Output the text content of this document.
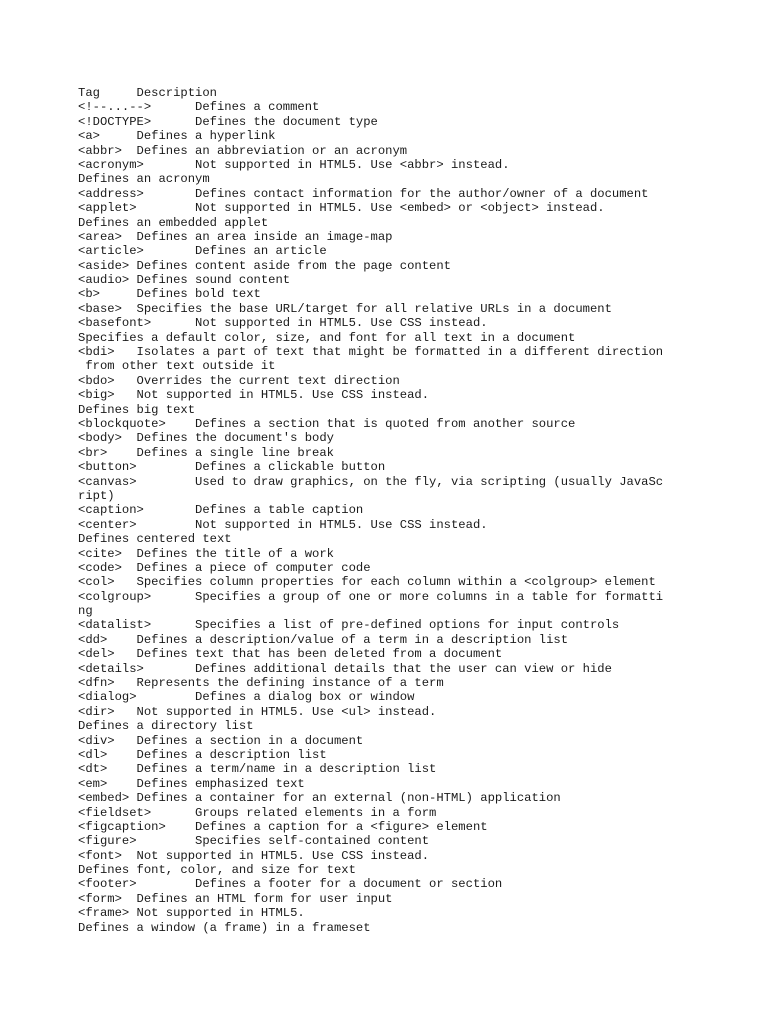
Tag     Description
<!--...-->      Defines a comment
<!DOCTYPE>      Defines the document type
<a>     Defines a hyperlink
<abbr>  Defines an abbreviation or an acronym
<acronym>       Not supported in HTML5. Use <abbr> instead.
Defines an acronym
<address>       Defines contact information for the author/owner of a document
<applet>        Not supported in HTML5. Use <embed> or <object> instead.
Defines an embedded applet
<area>  Defines an area inside an image-map
<article>       Defines an article
<aside> Defines content aside from the page content
<audio> Defines sound content
<b>     Defines bold text
<base>  Specifies the base URL/target for all relative URLs in a document
<basefont>      Not supported in HTML5. Use CSS instead.
Specifies a default color, size, and font for all text in a document
<bdi>   Isolates a part of text that might be formatted in a different direction
from other text outside it
<bdo>   Overrides the current text direction
<big>   Not supported in HTML5. Use CSS instead.
Defines big text
<blockquote>    Defines a section that is quoted from another source
<body>  Defines the document's body
<br>    Defines a single line break
<button>        Defines a clickable button
<canvas>        Used to draw graphics, on the fly, via scripting (usually JavaSc
ript)
<caption>       Defines a table caption
<center>        Not supported in HTML5. Use CSS instead.
Defines centered text
<cite>  Defines the title of a work
<code>  Defines a piece of computer code
<col>   Specifies column properties for each column within a <colgroup> element
<colgroup>      Specifies a group of one or more columns in a table for formatti
ng
<datalist>      Specifies a list of pre-defined options for input controls
<dd>    Defines a description/value of a term in a description list
<del>   Defines text that has been deleted from a document
<details>       Defines additional details that the user can view or hide
<dfn>   Represents the defining instance of a term
<dialog>        Defines a dialog box or window
<dir>   Not supported in HTML5. Use <ul> instead.
Defines a directory list
<div>   Defines a section in a document
<dl>    Defines a description list
<dt>    Defines a term/name in a description list
<em>    Defines emphasized text
<embed> Defines a container for an external (non-HTML) application
<fieldset>      Groups related elements in a form
<figcaption>    Defines a caption for a <figure> element
<figure>        Specifies self-contained content
<font>  Not supported in HTML5. Use CSS instead.
Defines font, color, and size for text
<footer>        Defines a footer for a document or section
<form>  Defines an HTML form for user input
<frame> Not supported in HTML5.
Defines a window (a frame) in a frameset
